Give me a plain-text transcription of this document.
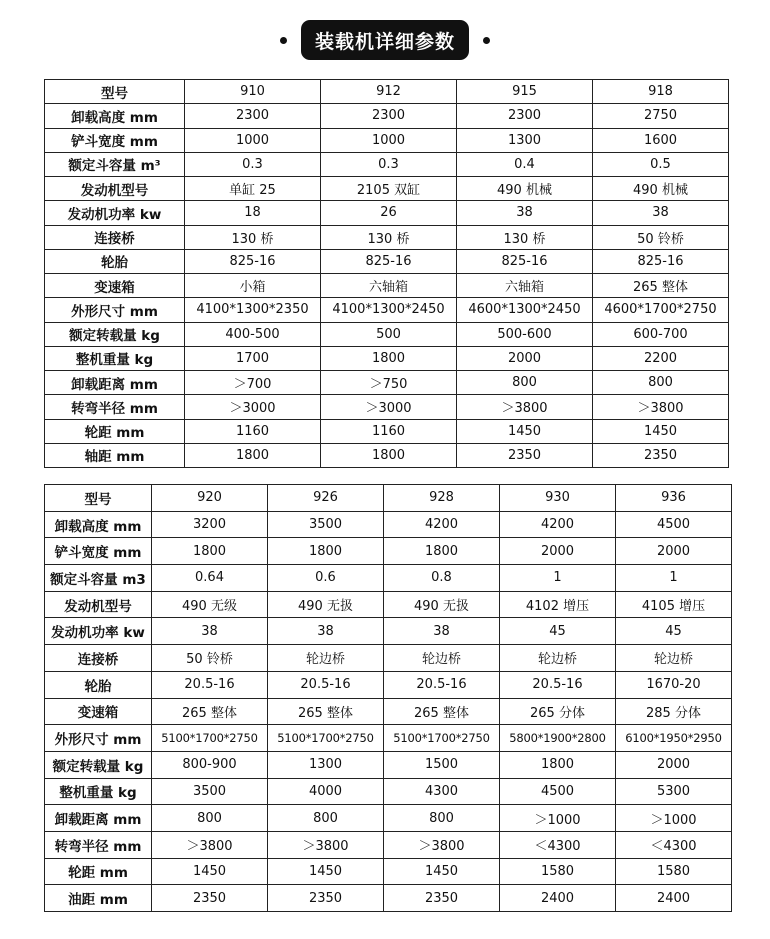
装载机详细参数
型号	910	912	915	918
卸载高度 mm	2300	2300	2300	2750
铲斗宽度 mm	1000	1000	1300	1600
额定斗容量 m³	0.3	0.3	0.4	0.5
发动机型号	单缸 25	2105 双缸	490 机械	490 机械
发动机功率 kw	18	26	38	38
连接桥	130 桥	130 桥	130 桥	50 铃桥
轮胎	825-16	825-16	825-16	825-16
变速箱	小箱	六轴箱	六轴箱	265 整体
外形尺寸 mm	4100*1300*2350	4100*1300*2450	4600*1300*2450	4600*1700*2750
额定转载量 kg	400-500	500	500-600	600-700
整机重量 kg	1700	1800	2000	2200
卸载距离 mm	＞700	＞750	800	800
转弯半径 mm	＞3000	＞3000	＞3800	＞3800
轮距 mm	1160	1160	1450	1450
轴距 mm	1800	1800	2350	2350
型号	920	926	928	930	936
卸载高度 mm	3200	3500	4200	4200	4500
铲斗宽度 mm	1800	1800	1800	2000	2000
额定斗容量 m3	0.64	0.6	0.8	1	1
发动机型号	490 无级	490 无扱	490 无扱	4102 增压	4105 增压
发动机功率 kw	38	38	38	45	45
连接桥	50 铃桥	轮边桥	轮边桥	轮边桥	轮边桥
轮胎	20.5-16	20.5-16	20.5-16	20.5-16	1670-20
变速箱	265 整体	265 整体	265 整体	265 分体	285 分体
外形尺寸 mm	5100*1700*2750	5100*1700*2750	5100*1700*2750	5800*1900*2800	6100*1950*2950
额定转载量 kg	800-900	1300	1500	1800	2000
整机重量 kg	3500	4000	4300	4500	5300
卸载距离 mm	800	800	800	＞1000	＞1000
转弯半径 mm	＞3800	＞3800	＞3800	＜4300	＜4300
轮距 mm	1450	1450	1450	1580	1580
油距 mm	2350	2350	2350	2400	2400
